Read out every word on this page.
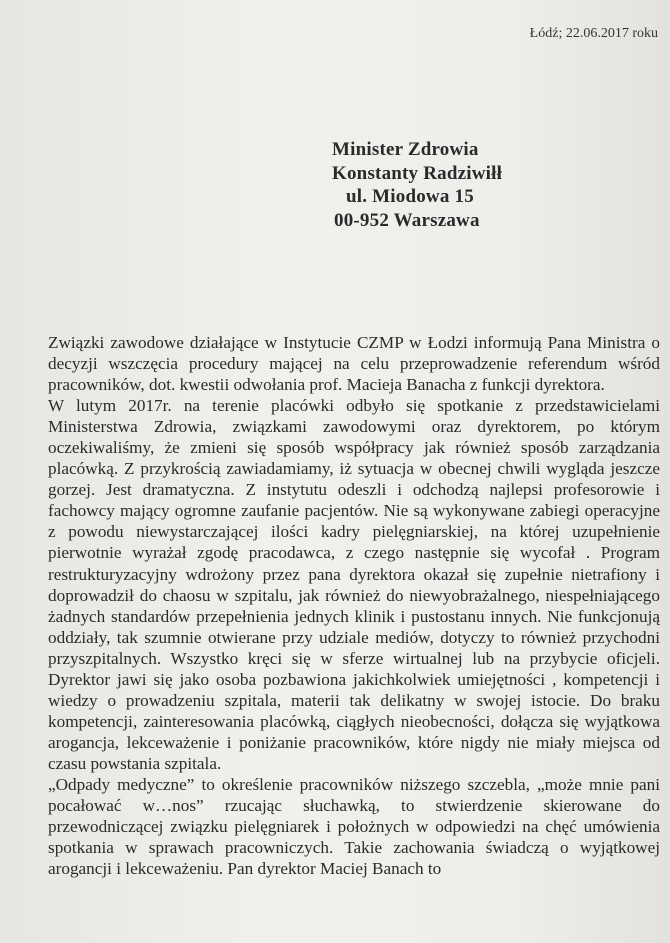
Łódź; 22.06.2017 roku
Minister Zdrowia
Konstanty Radziwiłł
ul. Miodowa 15
00-952 Warszawa

Związki zawodowe działające w Instytucie CZMP w Łodzi informują Pana Ministra o decyzji wszczęcia procedury mającej na celu przeprowadzenie referendum wśród pracowników, dot. kwestii odwołania prof. Macieja Banacha z funkcji dyrektora.

W lutym 2017r. na terenie placówki odbyło się spotkanie z przedstawicielami Ministerstwa Zdrowia, związkami zawodowymi oraz dyrektorem, po którym oczekiwaliśmy, że zmieni się sposób współpracy jak również sposób zarządzania placówką. Z przykrością zawiadamiamy, iż sytuacja w obecnej chwili wygląda jeszcze gorzej. Jest dramatyczna. Z instytutu odeszli i odchodzą najlepsi profesorowie i fachowcy mający ogromne zaufanie pacjentów. Nie są wykonywane zabiegi operacyjne z powodu niewystarczającej ilości kadry pielęgniarskiej, na której uzupełnienie pierwotnie wyrażał zgodę pracodawca, z czego następnie się wycofał . Program restrukturyzacyjny wdrożony przez pana dyrektora okazał się zupełnie nietrafiony i doprowadził do chaosu w szpitalu, jak również do niewyobrażalnego, niespełniającego żadnych standardów przepełnienia jednych klinik i pustostanu innych. Nie funkcjonują oddziały, tak szumnie otwierane przy udziale mediów, dotyczy to również przychodni przyszpitalnych. Wszystko kręci się w sferze wirtualnej lub na przybycie oficjeli. Dyrektor jawi się jako osoba pozbawiona jakichkolwiek umiejętności , kompetencji i wiedzy o prowadzeniu szpitala, materii tak delikatny w swojej istocie. Do braku kompetencji, zainteresowania placówką, ciągłych nieobecności, dołącza się wyjątkowa arogancja, lekceważenie i poniżanie pracowników, które nigdy nie miały miejsca od czasu powstania szpitala.

„Odpady medyczne” to określenie pracowników niższego szczebla, „może mnie pani pocałować w…nos” rzucając słuchawką, to stwierdzenie skierowane do przewodniczącej związku pielęgniarek i położnych w odpowiedzi na chęć umówienia spotkania w sprawach pracowniczych. Takie zachowania świadczą o wyjątkowej arogancji i lekceważeniu. Pan dyrektor Maciej Banach to
